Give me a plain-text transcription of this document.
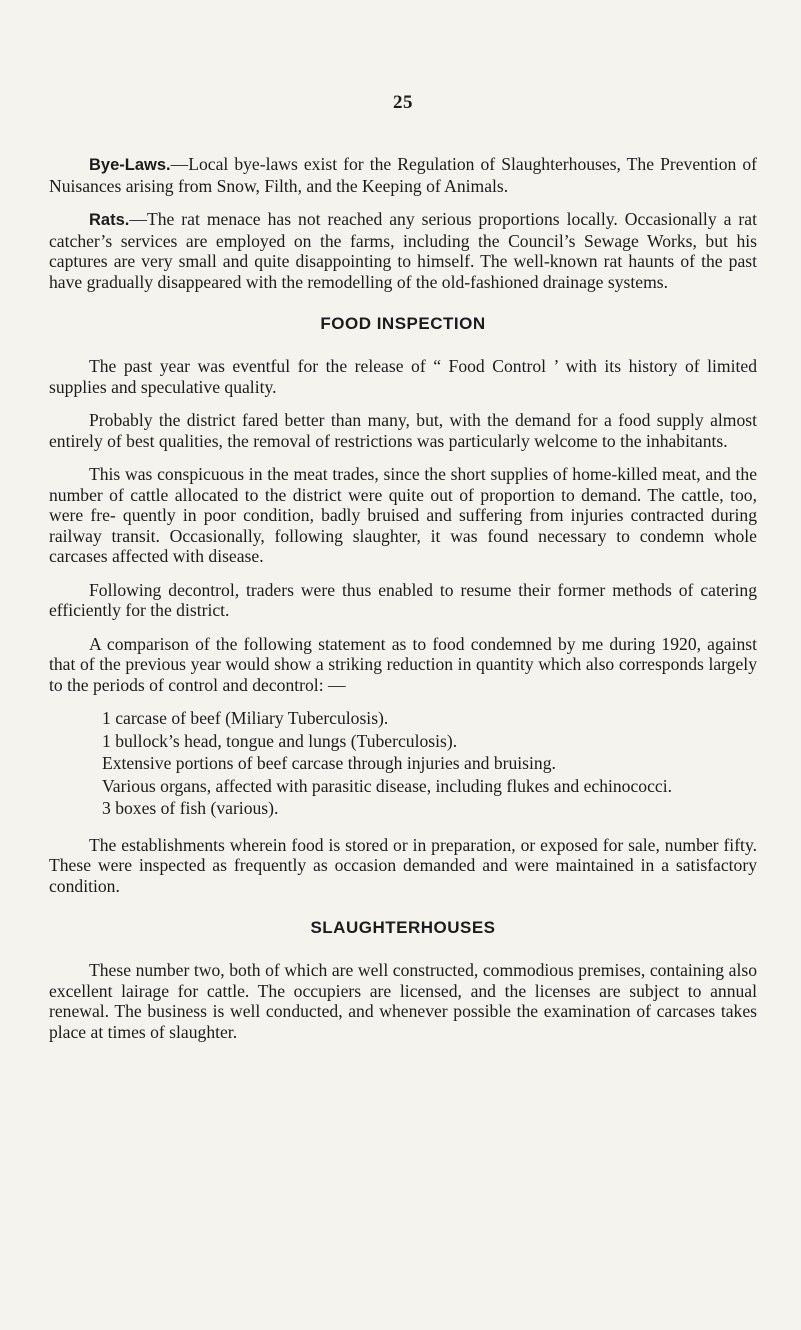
25

Bye-Laws.—Local bye-laws exist for the Regulation of Slaughterhouses, The Prevention of Nuisances arising from Snow, Filth, and the Keeping of Animals.

Rats.—The rat menace has not reached any serious proportions locally. Occasionally a rat catcher’s services are employed on the farms, including the Council’s Sewage Works, but his captures are very small and quite disappointing to himself. The well-known rat haunts of the past have gradually disappeared with the remodelling of the old-fashioned drainage systems.

FOOD INSPECTION

The past year was eventful for the release of “ Food Control ’ with its history of limited supplies and speculative quality.

Probably the district fared better than many, but, with the demand for a food supply almost entirely of best qualities, the removal of restrictions was particularly welcome to the inhabitants.

This was conspicuous in the meat trades, since the short supplies of home-killed meat, and the number of cattle allocated to the district were quite out of proportion to demand. The cattle, too, were fre- quently in poor condition, badly bruised and suffering from injuries contracted during railway transit. Occasionally, following slaughter, it was found necessary to condemn whole carcases affected with disease.

Following decontrol, traders were thus enabled to resume their former methods of catering efficiently for the district.

A comparison of the following statement as to food condemned by me during 1920, against that of the previous year would show a striking reduction in quantity which also corresponds largely to the periods of control and decontrol: —

1 carcase of beef (Miliary Tuberculosis).
1 bullock’s head, tongue and lungs (Tuberculosis).
Extensive portions of beef carcase through injuries and bruising.
Various organs, affected with parasitic disease, including flukes and echinococci.
3 boxes of fish (various).

The establishments wherein food is stored or in preparation, or exposed for sale, number fifty. These were inspected as frequently as occasion demanded and were maintained in a satisfactory condition.

SLAUGHTERHOUSES

These number two, both of which are well constructed, commodious premises, containing also excellent lairage for cattle. The occupiers are licensed, and the licenses are subject to annual renewal. The business is well conducted, and whenever possible the examination of carcases takes place at times of slaughter.
